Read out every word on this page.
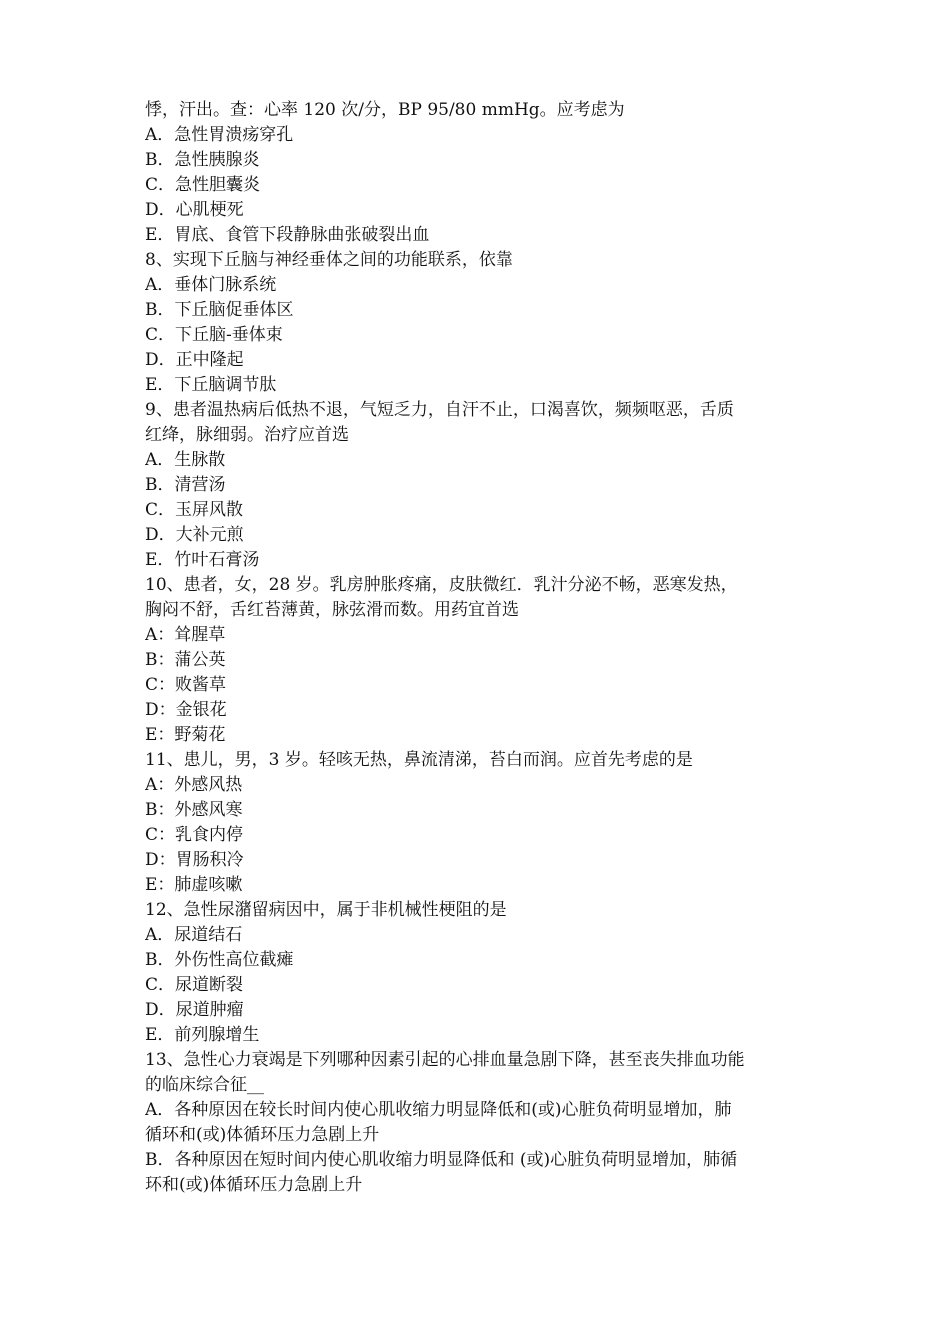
悸，汗出。查：心率 120 次/分，BP 95/80 mmHg。应考虑为
A．急性胃溃疡穿孔
B．急性胰腺炎
C．急性胆囊炎
D．心肌梗死
E．胃底、食管下段静脉曲张破裂出血
8、实现下丘脑与神经垂体之间的功能联系，依靠
A．垂体门脉系统
B．下丘脑促垂体区
C．下丘脑-垂体束
D．正中隆起
E．下丘脑调节肽
9、患者温热病后低热不退，气短乏力，自汗不止，口渴喜饮，频频呕恶，舌质
红绛，脉细弱。治疗应首选
A．生脉散
B．清营汤
C．玉屏风散
D．大补元煎
E．竹叶石膏汤
10、患者，女，28 岁。乳房肿胀疼痛，皮肤微红．乳汁分泌不畅，恶寒发热，
胸闷不舒，舌红苔薄黄，脉弦滑而数。用药宜首选
A：耸腥草
B：蒲公英
C：败酱草
D：金银花
E：野菊花
11、患儿，男，3 岁。轻咳无热，鼻流清涕，苔白而润。应首先考虑的是
A：外感风热
B：外感风寒
C：乳食内停
D：胃肠积冷
E：肺虚咳嗽
12、急性尿潴留病因中，属于非机械性梗阻的是
A．尿道结石
B．外伤性高位截瘫
C．尿道断裂
D．尿道肿瘤
E．前列腺增生
13、急性心力衰竭是下列哪种因素引起的心排血量急剧下降，甚至丧失排血功能
的临床综合征__
A．各种原因在较长时间内使心肌收缩力明显降低和(或)心脏负荷明显增加，肺
循环和(或)体循环压力急剧上升
B．各种原因在短时间内使心肌收缩力明显降低和 (或)心脏负荷明显增加，肺循
环和(或)体循环压力急剧上升
